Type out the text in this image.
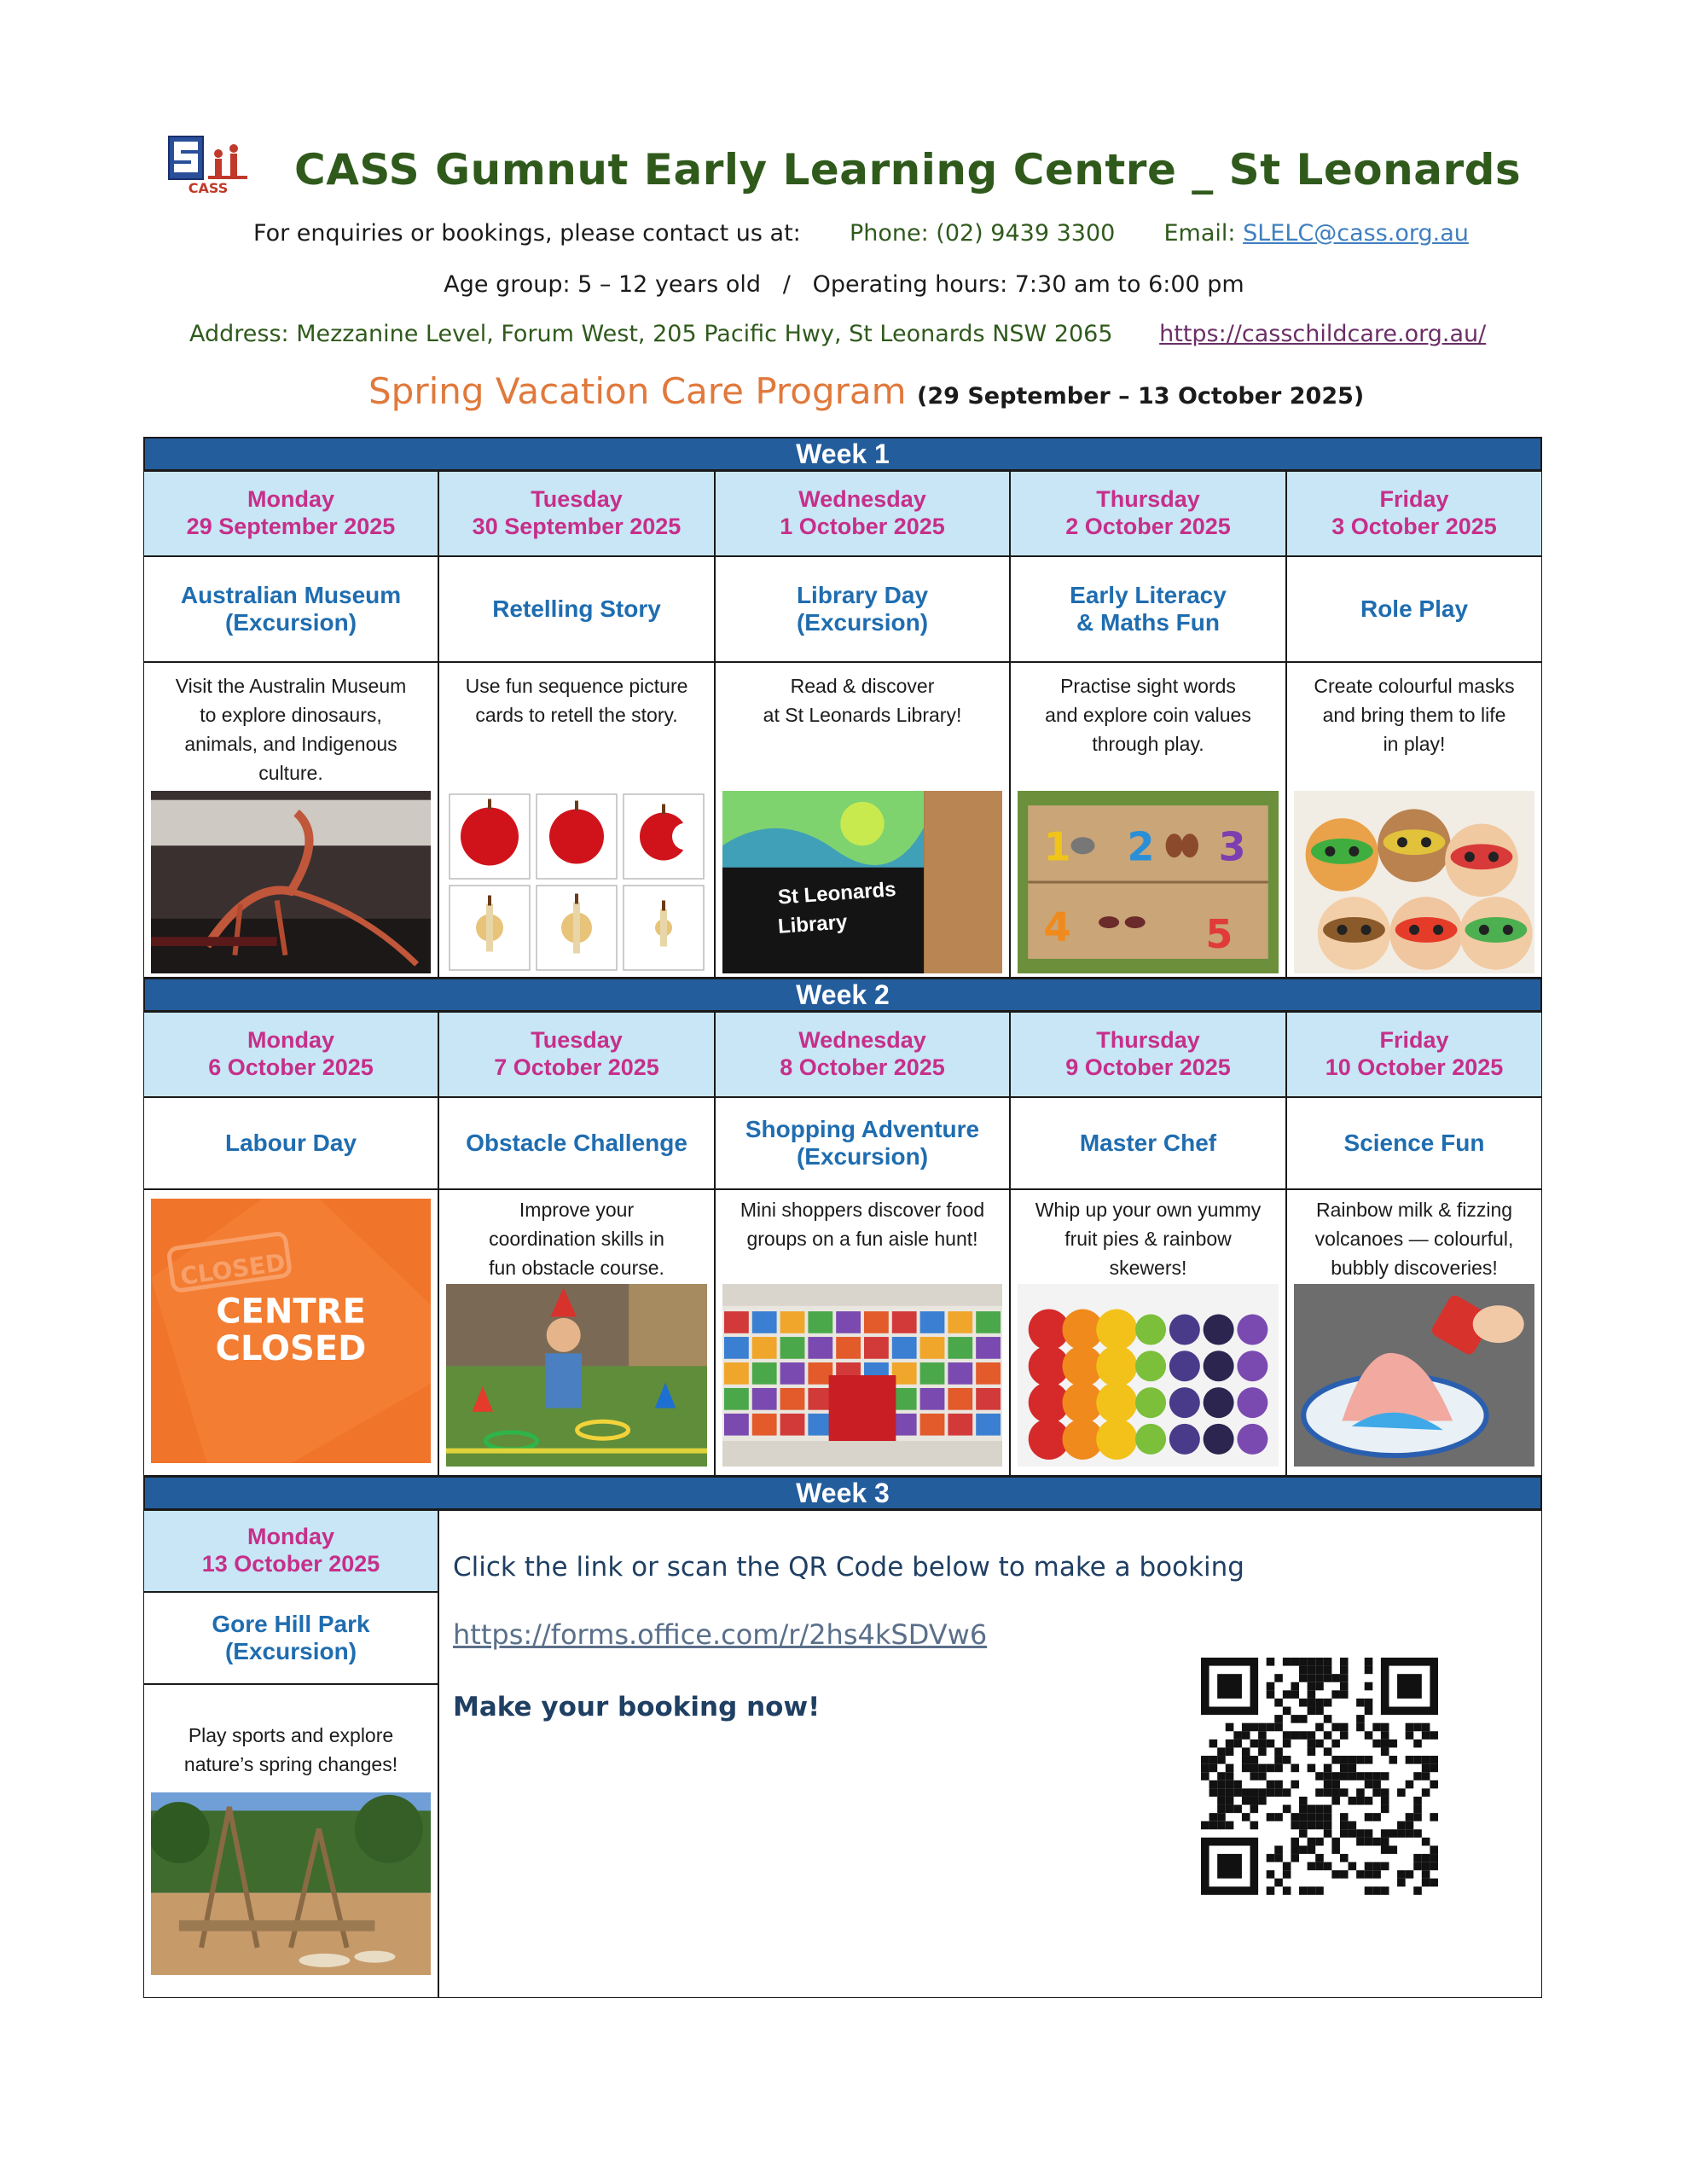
CASS CASS Gumnut Early Learning Centre _ St Leonards
For enquiries or bookings, please contact us at: Phone: (02) 9439 3300 Email: SLELC@cass.org.au
Age group: 5 – 12 years old   /   Operating hours: 7:30 am to 6:00 pm
Address: Mezzanine Level, Forum West, 205 Pacific Hwy, St Leonards NSW 2065 https://casschildcare.org.au/
Spring Vacation Care Program (29 September – 13 October 2025)
Week 1
Monday
29 September 2025
Australian Museum
(Excursion)
Visit the Australin Museum
to explore dinosaurs,
animals, and Indigenous
culture.
Tuesday
30 September 2025
Retelling Story
Use fun sequence picture
cards to retell the story.
Wednesday
1 October 2025
Library Day
(Excursion)
Read & discover
at St Leonards Library!
St Leonards
Library
Thursday
2 October 2025
Early Literacy
& Maths Fun
Practise sight words
and explore coin values
through play.
1 2 3
4	5
Friday
3 October 2025
Role Play
Create colourful masks
and bring them to life
in play!
Week 2
Monday
6 October 2025
Labour Day
CLOSED
CENTRE
CLOSED
Tuesday
7 October 2025
Obstacle Challenge
Improve your
coordination skills in
fun obstacle course.
Wednesday
8 October 2025
Shopping Adventure
(Excursion)
Mini shoppers discover food
groups on a fun aisle hunt!
Thursday
9 October 2025
Master Chef
Whip up your own yummy
fruit pies & rainbow
skewers!
Friday
10 October 2025
Science Fun
Rainbow milk & fizzing
volcanoes — colourful,
bubbly discoveries!
Week 3
Monday
13 October 2025
Gore Hill Park
(Excursion)
Play sports and explore
nature’s spring changes!
Click the link or scan the QR Code below to make a booking
https://forms.office.com/r/2hs4kSDVw6
Make your booking now!
